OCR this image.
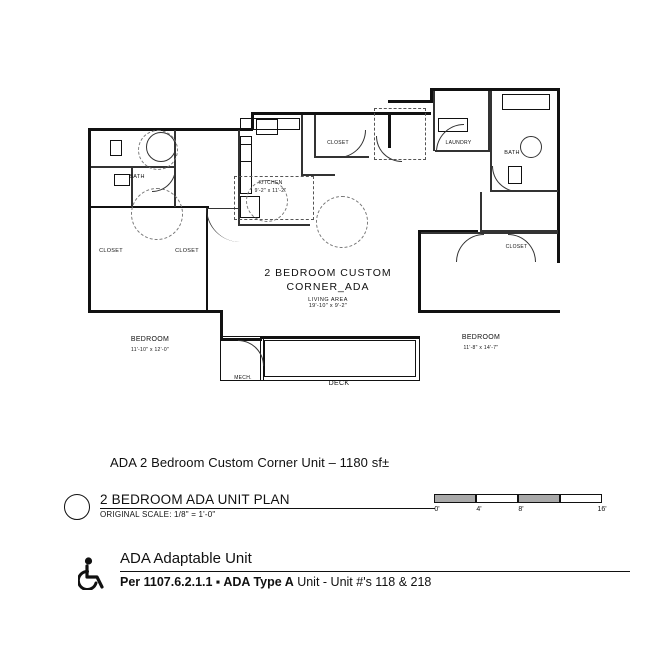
BATH
CLOSET	CLOSET
BEDROOM
11'-10" x 12'-0"
KITCHEN
9'-2" x 11'-2"
CLOSET	LAUNDRY
BATH
CLOSET
BEDROOM
11'-8" x 14'-7"
MECH.
DECK
2 BEDROOM CUSTOM
CORNER_ADA
LIVING AREA
19'-10" x 9'-2"
ADA 2 Bedroom Custom Corner Unit – 1180 sf±
2 BEDROOM ADA UNIT PLAN
ORIGINAL SCALE: 1/8" = 1'-0"
0'	4'	8'	16'
ADA Adaptable Unit
Per 1107.6.2.1.1 ▪ ADA Type A Unit - Unit #'s 118 & 218
